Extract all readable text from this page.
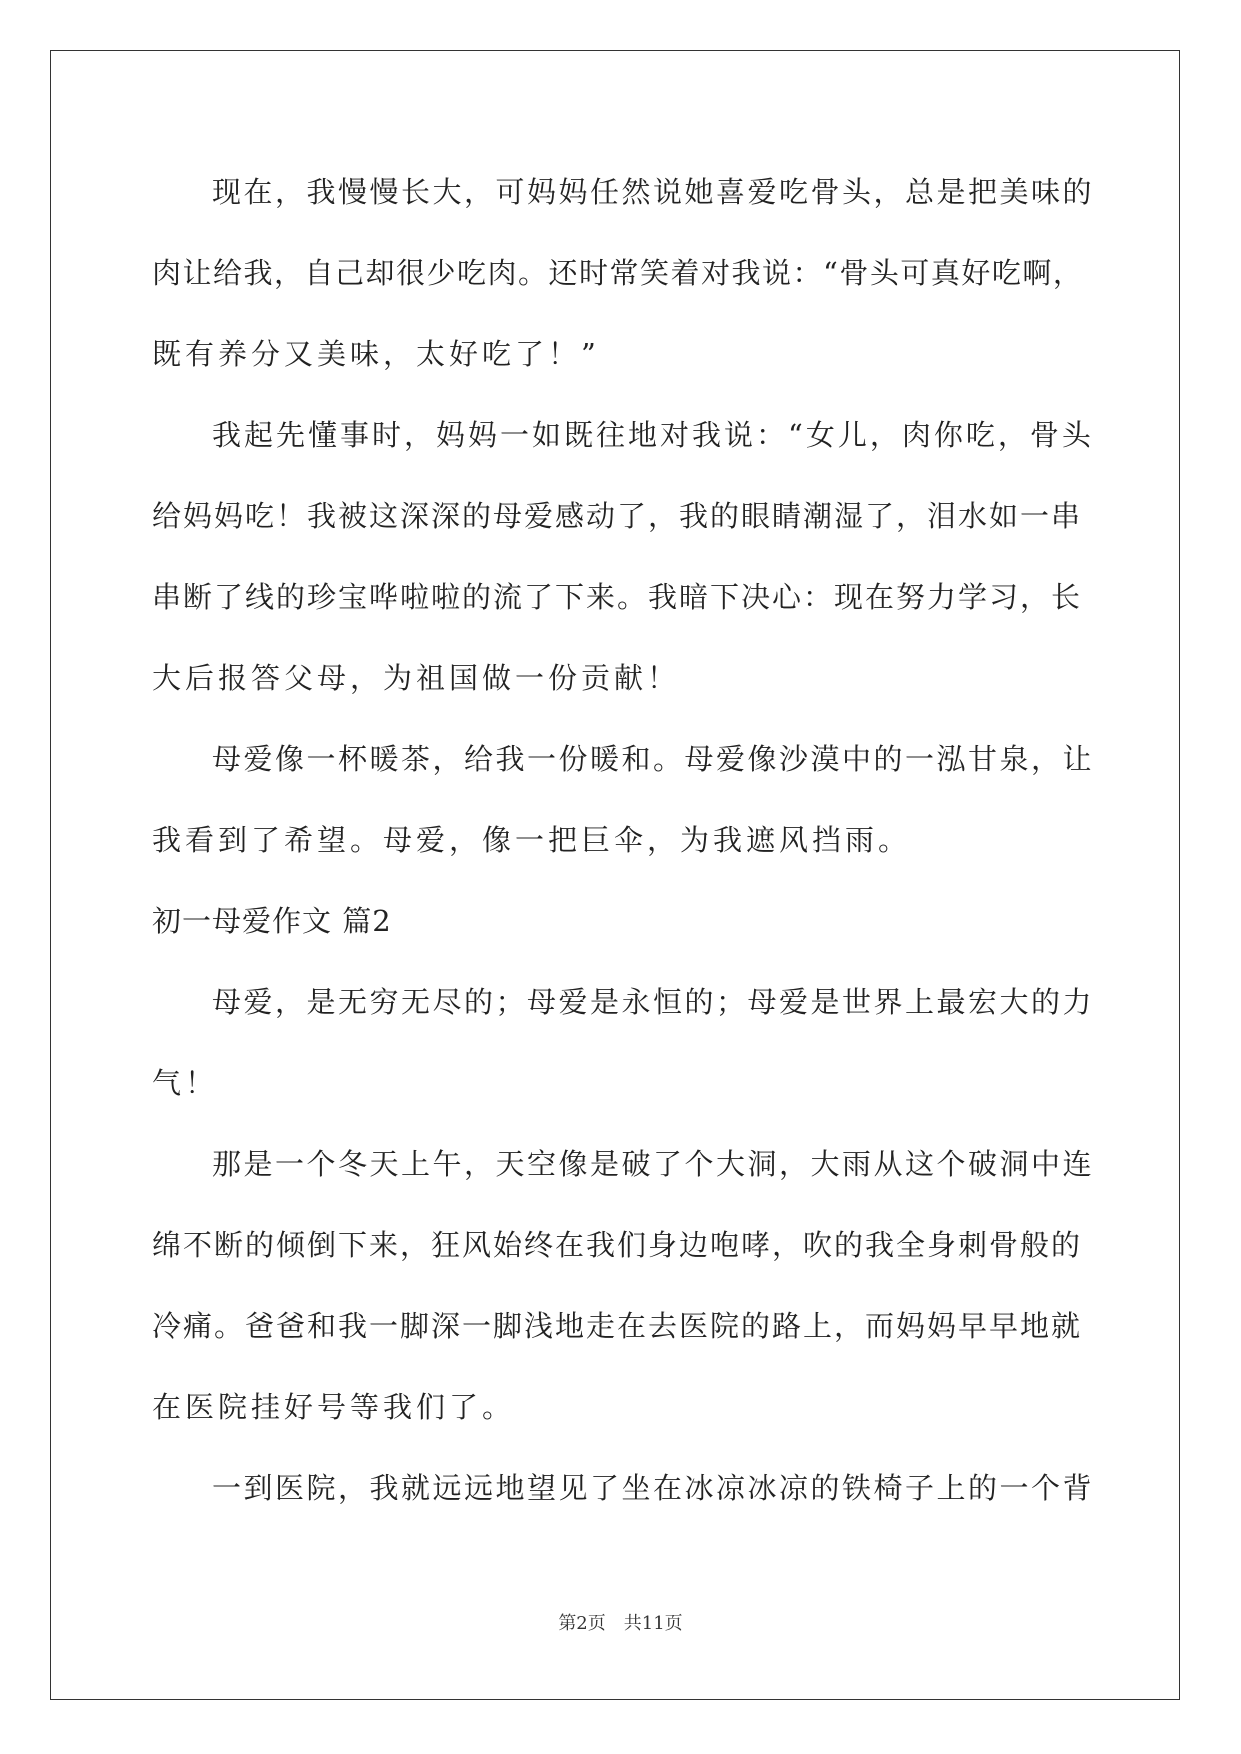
现在，我慢慢长大，可妈妈任然说她喜爱吃骨头，总是把美味的
肉让给我，自己却很少吃肉。还时常笑着对我说：“骨头可真好吃啊，
既有养分又美味，太好吃了！”
我起先懂事时，妈妈一如既往地对我说：“女儿，肉你吃，骨头
给妈妈吃！我被这深深的母爱感动了，我的眼睛潮湿了，泪水如一串
串断了线的珍宝哗啦啦的流了下来。我暗下决心：现在努力学习，长
大后报答父母，为祖国做一份贡献！
母爱像一杯暖茶，给我一份暖和。母爱像沙漠中的一泓甘泉，让
我看到了希望。母爱，像一把巨伞，为我遮风挡雨。
初一母爱作文 篇2
母爱，是无穷无尽的；母爱是永恒的；母爱是世界上最宏大的力
气！
那是一个冬天上午，天空像是破了个大洞，大雨从这个破洞中连
绵不断的倾倒下来，狂风始终在我们身边咆哮，吹的我全身刺骨般的
冷痛。爸爸和我一脚深一脚浅地走在去医院的路上，而妈妈早早地就
在医院挂好号等我们了。
一到医院，我就远远地望见了坐在冰凉冰凉的铁椅子上的一个背
第2页 共11页
